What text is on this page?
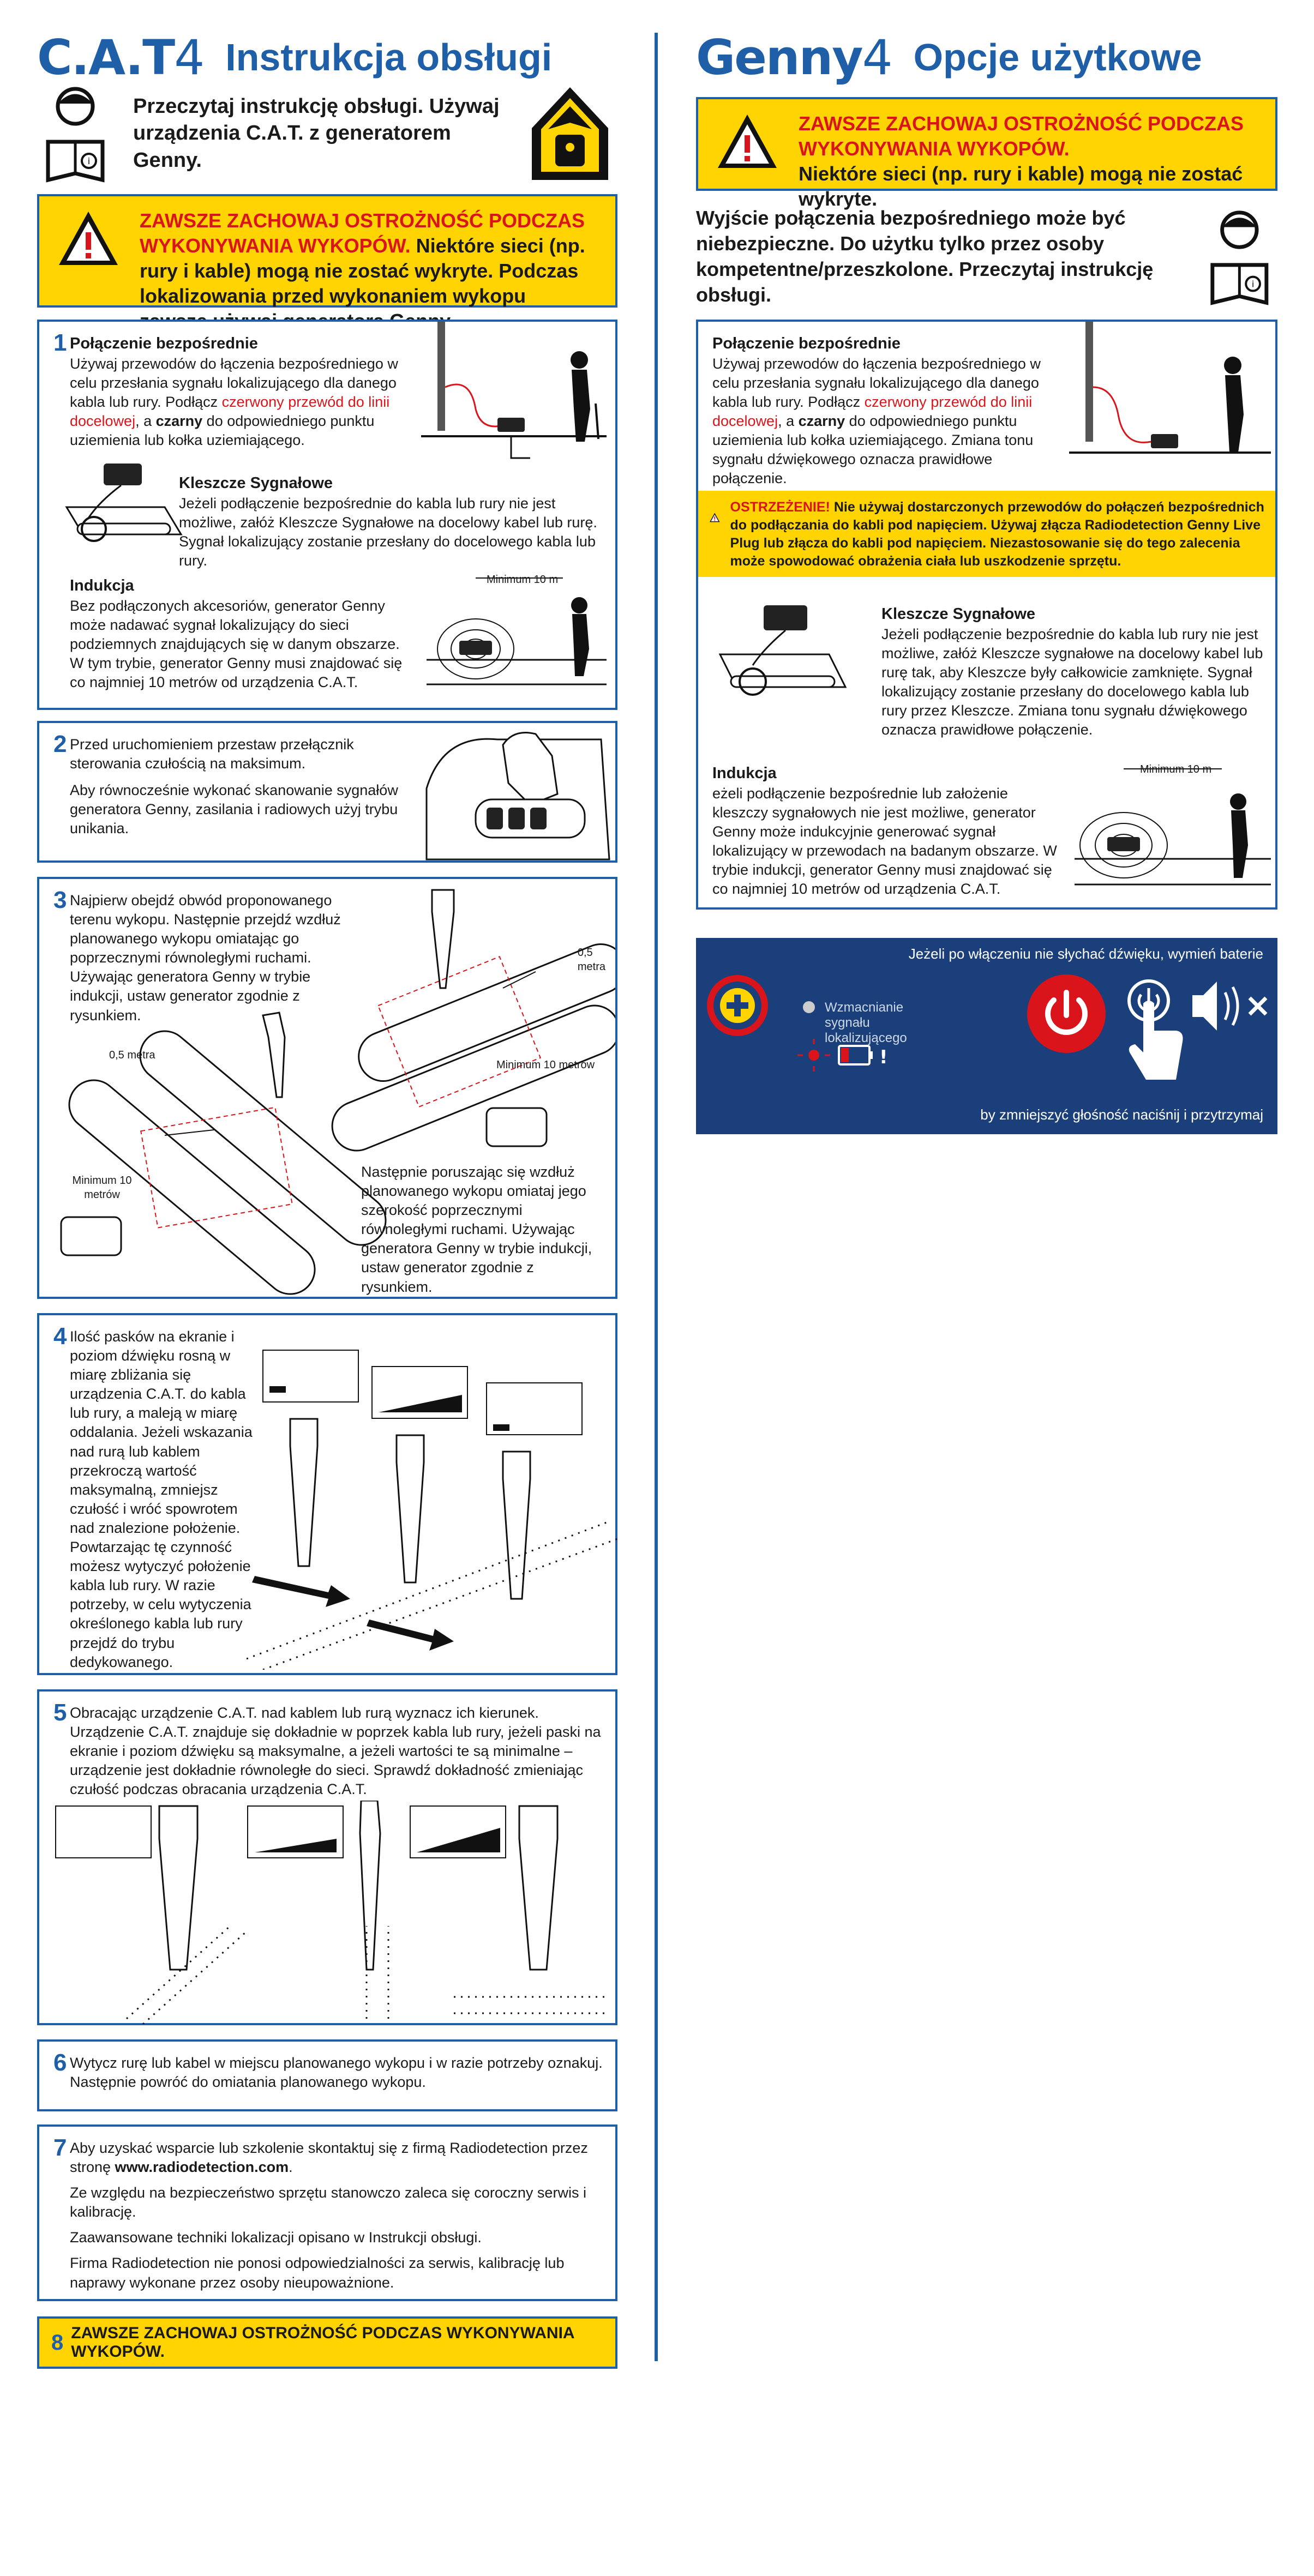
C.A.T4 Instrukcja obsługi
i

Przeczytaj instrukcję obsługi. Używaj urządzenia C.A.T. z generatorem Genny.

ZAWSZE ZACHOWAJ OSTROŻNOŚĆ PODCZAS WYKONYWANIA WYKOPÓW. Niektóre sieci (np. rury i kable) mogą nie zostać wykryte. Podczas lokalizowania przed wykonaniem wykopu

1 Połączenie bezpośrednie
Używaj przewodów do łączenia bezpośredniego w celu przesłania sygnału lokalizującego dla danego kabla lub rury. Podłącz czerwony przewód do linii docelowej, a czarny do odpowiedniego punktu uziemienia lub kołka uziemiającego.
Kleszcze Sygnałowe
Jeżeli podłączenie bezpośrednie do kabla lub rury nie jest możliwe, załóż Kleszcze Sygnałowe na docelowy kabel lub rurę. Sygnał lokalizujący zostanie przesłany do docelowego kabla lub rury.
Indukcja
Bez podłączonych akcesoriów, generator Genny może nadawać sygnał lokalizujący do sieci podziemnych znajdujących się w danym obszarze. W tym trybie, generator Genny musi znajdować się co najmniej 10 metrów od urządzenia C.A.T.
Minimum 10 m
2 Przed uruchomieniem przestaw przełącznik sterowania czułością na maksimum.
Aby równocześnie wykonać skanowanie sygnałów generatora Genny, zasilania i radiowych użyj trybu unikania.
3 Najpierw obejdź obwód proponowanego terenu wykopu. Następnie przejdź wzdłuż planowanego wykopu omiatając go poprzecznymi równoległymi ruchami. Używając generatora Genny w trybie indukcji, ustaw generator zgodnie z rysunkiem.
0,5 metra
0,5 metra
Minimum 10 metrów
Minimum 10 metrów
Następnie poruszając się wzdłuż planowanego wykopu omiataj jego szerokość poprzecznymi równoległymi ruchami. Używając generatora Genny w trybie indukcji, ustaw generator zgodnie z rysunkiem.
4 Ilość pasków na ekranie i poziom dźwięku rosną w miarę zbliżania się urządzenia C.A.T. do kabla lub rury, a maleją w miarę oddalania. Jeżeli wskazania nad rurą lub kablem przekroczą wartość maksymalną, zmniejsz czułość i wróć spowrotem nad znalezione położenie. Powtarzając tę czynność możesz wytyczyć położenie kabla lub rury. W razie potrzeby, w celu wytyczenia określonego kabla lub rury przejdź do trybu dedykowanego.
5 Obracając urządzenie C.A.T. nad kablem lub rurą wyznacz ich kierunek. Urządzenie C.A.T. znajduje się dokładnie w poprzek kabla lub rury, jeżeli paski na ekranie i poziom dźwięku są maksymalne, a jeżeli wartości te są minimalne – urządzenie jest dokładnie równoległe do sieci. Sprawdź dokładność zmieniając czułość podczas obracania urządzenia C.A.T.
6 Wytycz rurę lub kabel w miejscu planowanego wykopu i w razie potrzeby oznakuj. Następnie powróć do omiatania planowanego wykopu.
7 Aby uzyskać wsparcie lub szkolenie skontaktuj się z firmą Radiodetection przez stronę www.radiodetection.com.
Ze względu na bezpieczeństwo sprzętu stanowczo zaleca się coroczny serwis i kalibrację.
Zaawansowane techniki lokalizacji opisano w Instrukcji obsługi.
Firma Radiodetection nie ponosi odpowiedzialności za serwis, kalibrację lub naprawy wykonane przez osoby nieupoważnione.
8 ZAWSZE ZACHOWAJ OSTROŻNOŚĆ PODCZAS WYKONYWANIA WYKOPÓW.
Genny4 Opcje użytkowe

ZAWSZE ZACHOWAJ OSTROŻNOŚĆ PODCZAS WYKONYWANIA WYKOPÓW.
Niektóre sieci (np. rury i kable) mogą nie zostać wykryte.

Wyjście połączenia bezpośredniego może być niebezpieczne. Do użytku tylko przez osoby kompetentne/przeszkolone. Przeczytaj instrukcję obsługi.	i
Połączenie bezpośrednie
Używaj przewodów do łączenia bezpośredniego w celu przesłania sygnału lokalizującego dla danego kabla lub rury. Podłącz czerwony przewód do linii docelowej, a czarny do odpowiedniego punktu uziemienia lub kołka uziemiającego. Zmiana tonu sygnału dźwiękowego oznacza prawidłowe połączenie.

OSTRZEŻENIE! Nie używaj dostarczonych przewodów do połączeń bezpośrednich do podłączania do kabli pod napięciem. Używaj złącza Radiodetection Genny Live Plug lub złącza do kabli pod napięciem. Niezastosowanie się do tego zalecenia może spowodować obrażenia ciała lub uszkodzenie sprzętu.

Kleszcze Sygnałowe
Jeżeli podłączenie bezpośrednie do kabla lub rury nie jest możliwe, załóż Kleszcze sygnałowe na docelowy kabel lub rurę tak, aby Kleszcze były całkowicie zamknięte. Sygnał lokalizujący zostanie przesłany do docelowego kabla lub rury przez Kleszcze. Zmiana tonu sygnału dźwiękowego oznacza prawidłowe połączenie.
Indukcja
eżeli podłączenie bezpośrednie lub założenie kleszczy sygnałowych nie jest możliwe, generator Genny może indukcyjnie generować sygnał lokalizujący w przewodach na badanym obszarze. W trybie indukcji, generator Genny musi znajdować się co najmniej 10 metrów od urządzenia C.A.T.
Minimum 10 m
Jeżeli po włączeniu nie słychać dźwięku, wymień baterie
Wzmacnianie sygnału lokalizującego
!
by zmniejszyć głośność naciśnij i przytrzymaj
